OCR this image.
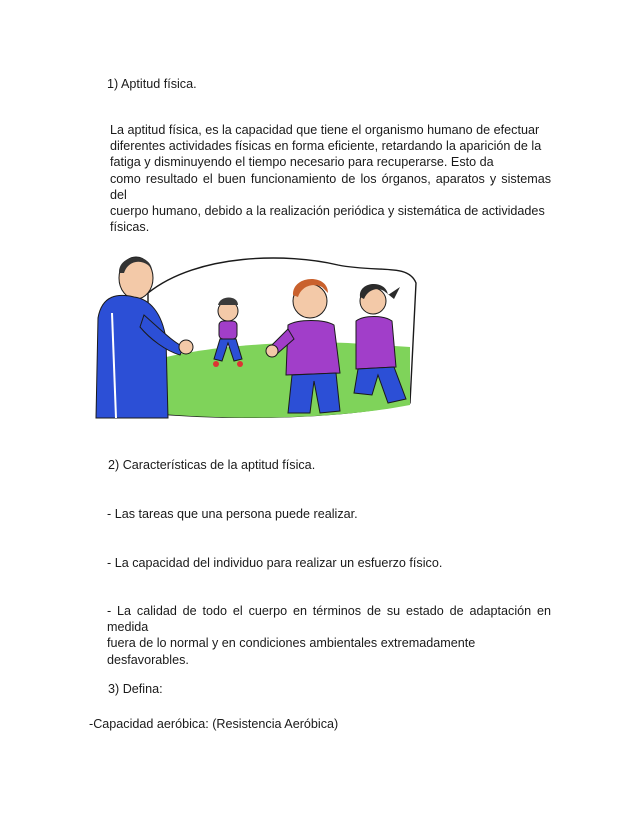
1) Aptitud física.

La aptitud física, es la capacidad que tiene el organismo humano de efectuar
diferentes actividades físicas en forma eficiente, retardando la aparición de la
fatiga y disminuyendo el tiempo necesario para recuperarse. Esto da
como resultado el buen funcionamiento de los órganos, aparatos y sistemas del
cuerpo humano, debido a la realización periódica y sistemática de actividades
físicas.

2) Características de la aptitud física.

- Las tareas que una persona puede realizar.

- La capacidad del individuo para realizar un esfuerzo físico.

- La calidad de todo el cuerpo en términos de su estado de adaptación en medida
fuera de lo normal y en condiciones ambientales extremadamente
desfavorables.

3) Defina:

-Capacidad aeróbica: (Resistencia Aeróbica)
